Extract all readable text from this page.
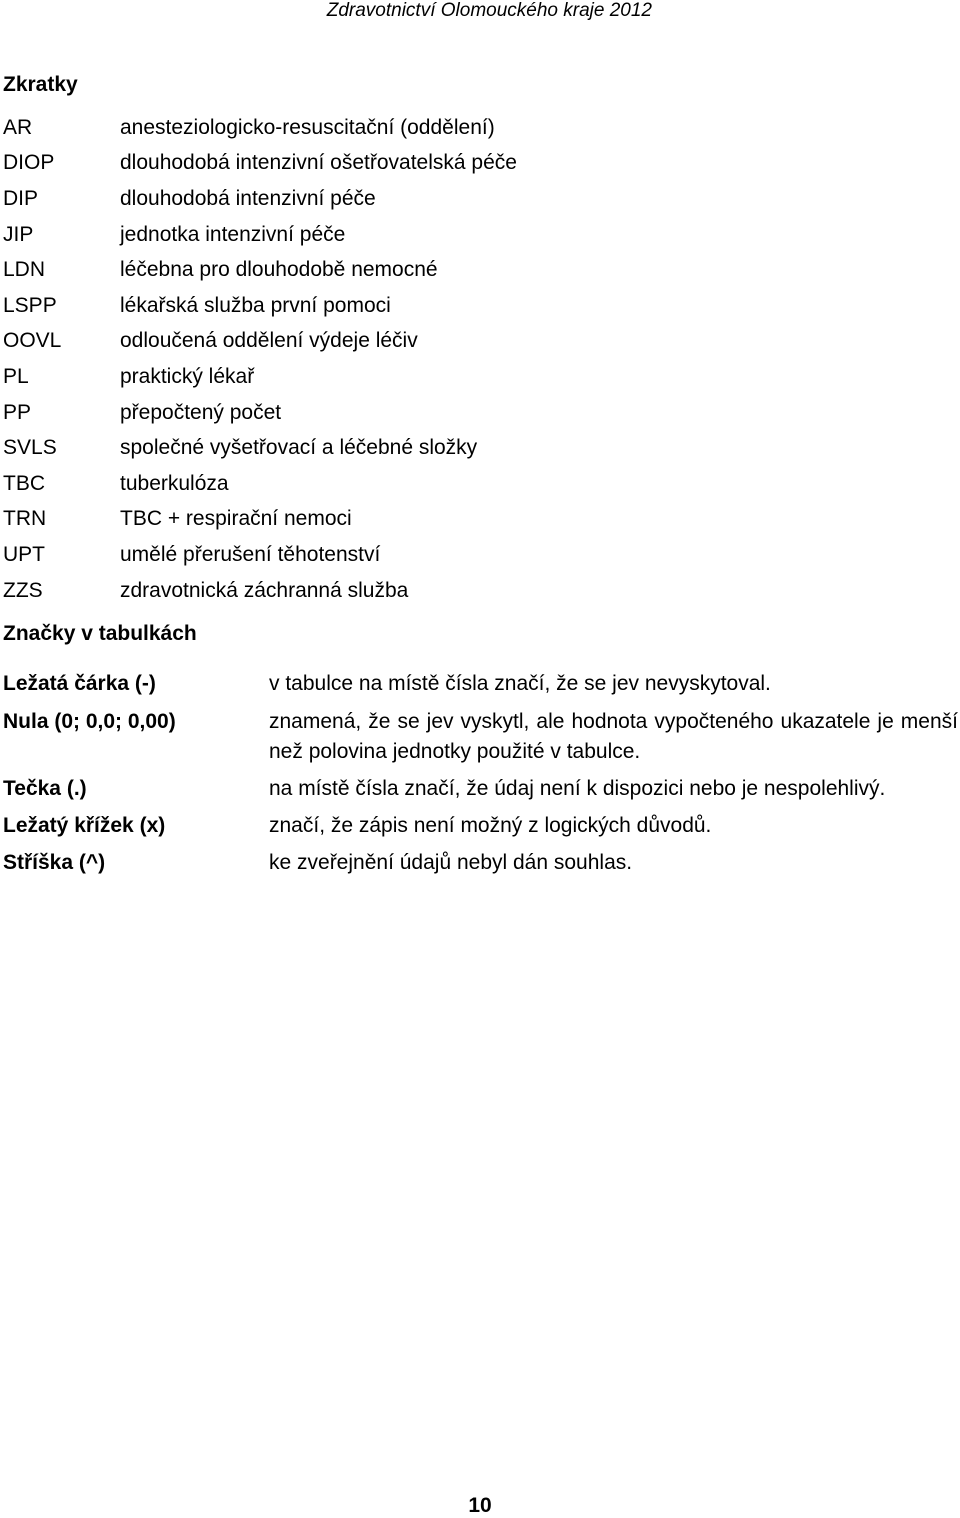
Zdravotnictví Olomouckého kraje 2012
Zkratky
AR	anesteziologicko-resuscitační (oddělení)
DIOP	dlouhodobá intenzivní ošetřovatelská péče
DIP	dlouhodobá intenzivní péče
JIP	jednotka intenzivní péče
LDN	léčebna pro dlouhodobě nemocné
LSPP	lékařská služba první pomoci
OOVL	odloučená oddělení výdeje léčiv
PL	praktický lékař
PP	přepočtený počet
SVLS	společné vyšetřovací a léčebné složky
TBC	tuberkulóza
TRN	TBC + respirační nemoci
UPT	umělé přerušení těhotenství
ZZS	zdravotnická záchranná služba
Značky v tabulkách
Ležatá čárka (-)	v tabulce na místě čísla značí, že se jev nevyskytoval.
Nula (0; 0,0; 0,00)	znamená, že se jev vyskytl, ale hodnota vypočteného ukazatele je menší než polovina jednotky použité v tabulce.
Tečka (.)	na místě čísla značí, že údaj není k dispozici nebo je nespolehlivý.
Ležatý křížek (x)	značí, že zápis není možný z logických důvodů.
Stříška (^)	ke zveřejnění údajů nebyl dán souhlas.
10
